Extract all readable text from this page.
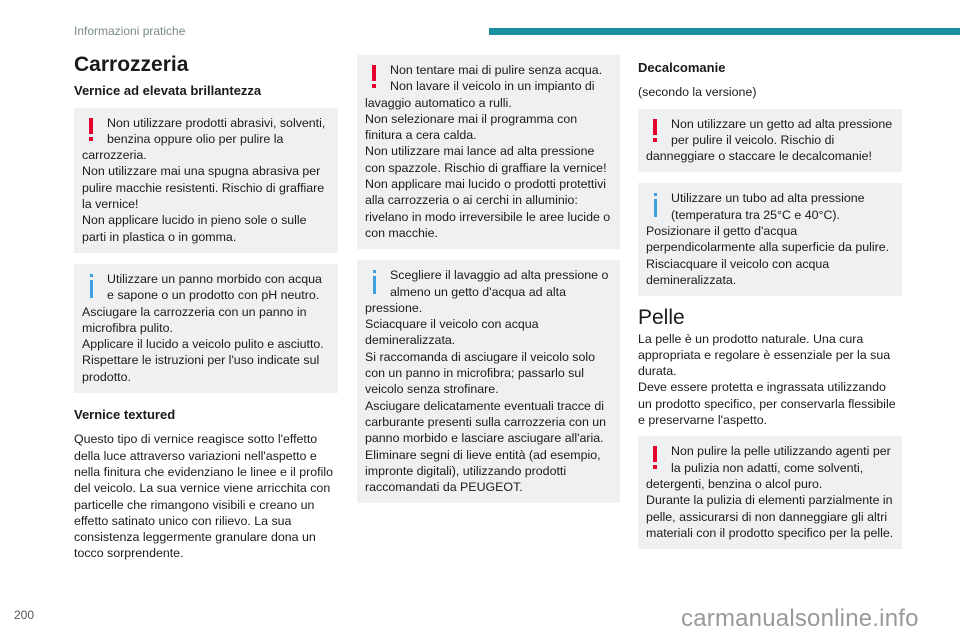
Informazioni pratiche
Carrozzeria
Vernice ad elevata brillantezza
Non utilizzare prodotti abrasivi, solventi, benzina oppure olio per pulire la carrozzeria.
Non utilizzare mai una spugna abrasiva per pulire macchie resistenti. Rischio di graffiare la vernice!
Non applicare lucido in pieno sole o sulle parti in plastica o in gomma.
Utilizzare un panno morbido con acqua e sapone o un prodotto con pH neutro.
Asciugare la carrozzeria con un panno in microfibra pulito.
Applicare il lucido a veicolo pulito e asciutto.
Rispettare le istruzioni per l'uso indicate sul prodotto.
Vernice textured

Questo tipo di vernice reagisce sotto l'effetto della luce attraverso variazioni nell'aspetto e nella finitura che evidenziano le linee e il profilo del veicolo. La sua vernice viene arricchita con particelle che rimangono visibili e creano un effetto satinato unico con rilievo. La sua consistenza leggermente granulare dona un tocco sorprendente.

Non tentare mai di pulire senza acqua.
Non lavare il veicolo in un impianto di lavaggio automatico a rulli.
Non selezionare mai il programma con finitura a cera calda.
Non utilizzare mai lance ad alta pressione con spazzole. Rischio di graffiare la vernice!
Non applicare mai lucido o prodotti protettivi alla carrozzeria o ai cerchi in alluminio: rivelano in modo irreversibile le aree lucide o con macchie.
Scegliere il lavaggio ad alta pressione o almeno un getto d'acqua ad alta pressione.
Sciacquare il veicolo con acqua demineralizzata.
Si raccomanda di asciugare il veicolo solo con un panno in microfibra; passarlo sul veicolo senza strofinare.
Asciugare delicatamente eventuali tracce di carburante presenti sulla carrozzeria con un panno morbido e lasciare asciugare all'aria.
Eliminare segni di lieve entità (ad esempio, impronte digitali), utilizzando prodotti raccomandati da PEUGEOT.
Decalcomanie

(secondo la versione)

Non utilizzare un getto ad alta pressione per pulire il veicolo. Rischio di danneggiare o staccare le decalcomanie!
Utilizzare un tubo ad alta pressione (temperatura tra 25°C e 40°C).
Posizionare il getto d'acqua perpendicolarmente alla superficie da pulire.
Risciacquare il veicolo con acqua demineralizzata.
Pelle

La pelle è un prodotto naturale. Una cura appropriata e regolare è essenziale per la sua durata.
Deve essere protetta e ingrassata utilizzando un prodotto specifico, per conservarla flessibile e preservarne l'aspetto.

Non pulire la pelle utilizzando agenti per la pulizia non adatti, come solventi, detergenti, benzina o alcol puro.
Durante la pulizia di elementi parzialmente in pelle, assicurarsi di non danneggiare gli altri materiali con il prodotto specifico per la pelle.
200	carmanualsonline.info
